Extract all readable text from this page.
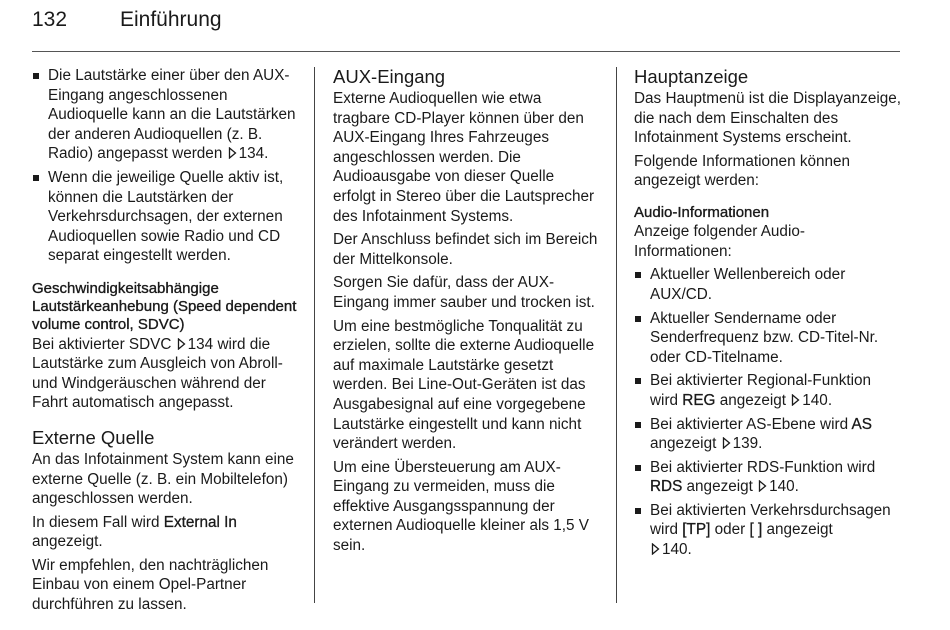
132	Einführung
Die Lautstärke einer über den AUX-Eingang angeschlossenen Audioquelle kann an die Lautstärken der anderen Audioquellen (z. B. Radio) angepasst werden 134.
Wenn die jeweilige Quelle aktiv ist, können die Lautstärken der Verkehrsdurchsagen, der externen Audioquellen sowie Radio und CD separat eingestellt werden.
Geschwindigkeitsabhängige Lautstärkeanhebung (Speed dependent volume control, SDVC)

Bei aktivierter SDVC 134 wird die Lautstärke zum Ausgleich von Abroll- und Windgeräuschen während der Fahrt automatisch angepasst.

Externe Quelle

An das Infotainment System kann eine externe Quelle (z. B. ein Mobiltelefon) angeschlossen werden.

In diesem Fall wird External In angezeigt.

Wir empfehlen, den nachträglichen Einbau von einem Opel-Partner durchführen zu lassen.

AUX-Eingang

Externe Audioquellen wie etwa tragbare CD-Player können über den AUX-Eingang Ihres Fahrzeuges angeschlossen werden. Die Audioausgabe von dieser Quelle erfolgt in Stereo über die Lautsprecher des Infotainment Systems.

Der Anschluss befindet sich im Bereich der Mittelkonsole.

Sorgen Sie dafür, dass der AUX-Eingang immer sauber und trocken ist.

Um eine bestmögliche Tonqualität zu erzielen, sollte die externe Audioquelle auf maximale Lautstärke gesetzt werden. Bei Line-Out-Geräten ist das Ausgabesignal auf eine vorgegebene Lautstärke eingestellt und kann nicht verändert werden.

Um eine Übersteuerung am AUX-Eingang zu vermeiden, muss die effektive Ausgangsspannung der externen Audioquelle kleiner als 1,5 V sein.

Hauptanzeige

Das Hauptmenü ist die Displayanzeige, die nach dem Einschalten des Infotainment Systems erscheint.

Folgende Informationen können angezeigt werden:

Audio-Informationen

Anzeige folgender Audio-Informationen:

Aktueller Wellenbereich oder AUX/CD.
Aktueller Sendername oder Senderfrequenz bzw. CD-Titel-Nr. oder CD-Titelname.
Bei aktivierter Regional-Funktion wird REG angezeigt 140.
Bei aktivierter AS-Ebene wird AS angezeigt 139.
Bei aktivierter RDS-Funktion wird RDS angezeigt 140.
Bei aktivierten Verkehrsdurchsagen wird [TP] oder [ ] angezeigt
140.
